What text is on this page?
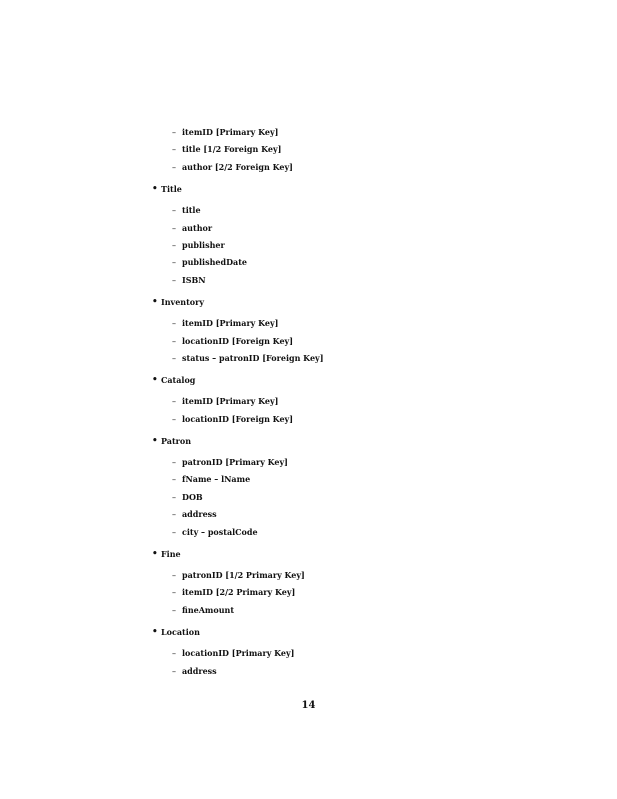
– itemID [Primary Key]
– title [1/2 Foreign Key]
– author [2/2 Foreign Key]
• Title
– title
– author
– publisher
– publishedDate
– ISBN
• Inventory
– itemID [Primary Key]
– locationID [Foreign Key]
– status – patronID [Foreign Key]
• Catalog
– itemID [Primary Key]
– locationID [Foreign Key]
• Patron
– patronID [Primary Key]
– fName – lName
– DOB
– address
– city – postalCode
• Fine
– patronID [1/2 Primary Key]
– itemID [2/2 Primary Key]
– fineAmount
• Location
– locationID [Primary Key]
– address
14
